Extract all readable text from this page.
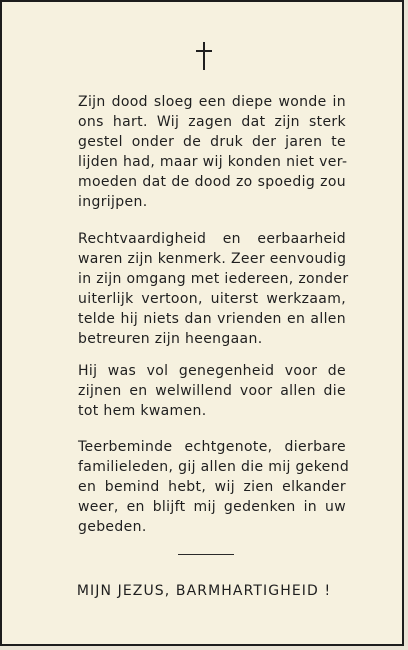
Zijn dood sloeg een diepe wonde in
ons hart. Wij zagen dat zijn sterk
gestel onder de druk der jaren te
lijden had, maar wij konden niet ver-
moeden dat de dood zo spoedig zou
ingrijpen.

Rechtvaardigheid en eerbaarheid
waren zijn kenmerk. Zeer eenvoudig
in zijn omgang met iedereen, zonder
uiterlijk vertoon, uiterst werkzaam,
telde hij niets dan vrienden en allen
betreuren zijn heengaan.

Hij was vol genegenheid voor de
zijnen en welwillend voor allen die
tot hem kwamen.

Teerbeminde echtgenote, dierbare
familieleden, gij allen die mij gekend
en bemind hebt, wij zien elkander
weer, en blijft mij gedenken in uw
gebeden.

MIJN JEZUS, BARMHARTIGHEID !
